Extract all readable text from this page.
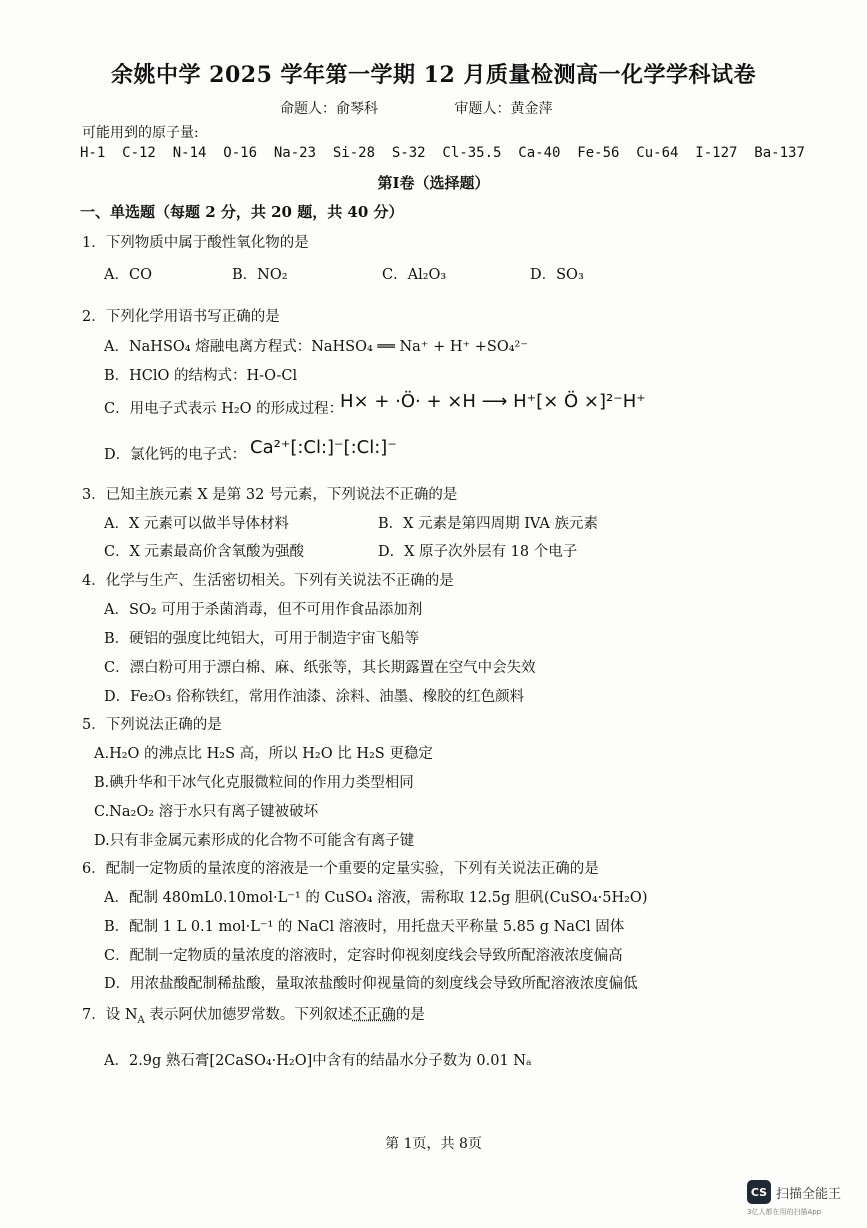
余姚中学 2025 学年第一学期 12 月质量检测高一化学学科试卷
命题人：俞琴科	审题人：黄金萍
可能用到的原子量:
H-1  C-12  N-14  O-16  Na-23  Si-28  S-32  Cl-35.5  Ca-40  Fe-56  Cu-64  I-127  Ba-137
第Ⅰ卷（选择题）
一、单选题（每题 2 分，共 20 题，共 40 分）
1．下列物质中属于酸性氧化物的是
A．CO	B．NO₂	C．Al₂O₃	D．SO₃
2．下列化学用语书写正确的是
A．NaHSO₄ 熔融电离方程式：NaHSO₄ ══ Na⁺ + H⁺ +SO₄²⁻
B．HClO 的结构式：H-O-Cl
C．用电子式表示 H₂O 的形成过程：
H× + ·Ö· + ×H ⟶ H⁺[× Ö ×]²⁻H⁺
D．氯化钙的电子式： Ca²⁺[:Cl:]⁻[:Cl:]⁻
3．已知主族元素 X 是第 32 号元素，下列说法不正确的是
A．X 元素可以做半导体材料	B．X 元素是第四周期 IVA 族元素
C．X 元素最高价含氧酸为强酸	D．X 原子次外层有 18 个电子
4．化学与生产、生活密切相关。下列有关说法不正确的是
A．SO₂ 可用于杀菌消毒，但不可用作食品添加剂
B．硬铝的强度比纯铝大，可用于制造宇宙飞船等
C．漂白粉可用于漂白棉、麻、纸张等，其长期露置在空气中会失效
D．Fe₂O₃ 俗称铁红，常用作油漆、涂料、油墨、橡胶的红色颜料
5．下列说法正确的是
A.H₂O 的沸点比 H₂S 高，所以 H₂O 比 H₂S 更稳定
B.碘升华和干冰气化克服微粒间的作用力类型相同
C.Na₂O₂ 溶于水只有离子键被破坏
D.只有非金属元素形成的化合物不可能含有离子键
6．配制一定物质的量浓度的溶液是一个重要的定量实验，下列有关说法正确的是
A．配制 480mL0.10mol·L⁻¹ 的 CuSO₄ 溶液，需称取 12.5g 胆矾(CuSO₄·5H₂O)
B．配制 1 L 0.1 mol·L⁻¹ 的 NaCl 溶液时，用托盘天平称量 5.85 g NaCl 固体
C．配制一定物质的量浓度的溶液时，定容时仰视刻度线会导致所配溶液浓度偏高
D．用浓盐酸配制稀盐酸，量取浓盐酸时仰视量筒的刻度线会导致所配溶液浓度偏低
7．设 $N_A$ 表示阿伏加德罗常数。下列叙述不正确的是
A．2.9g 熟石膏[2CaSO₄·H₂O]中含有的结晶水分子数为 0.01 Nₐ
第 1页，共 8页
CS 扫描全能王
3亿人都在用的扫描App
